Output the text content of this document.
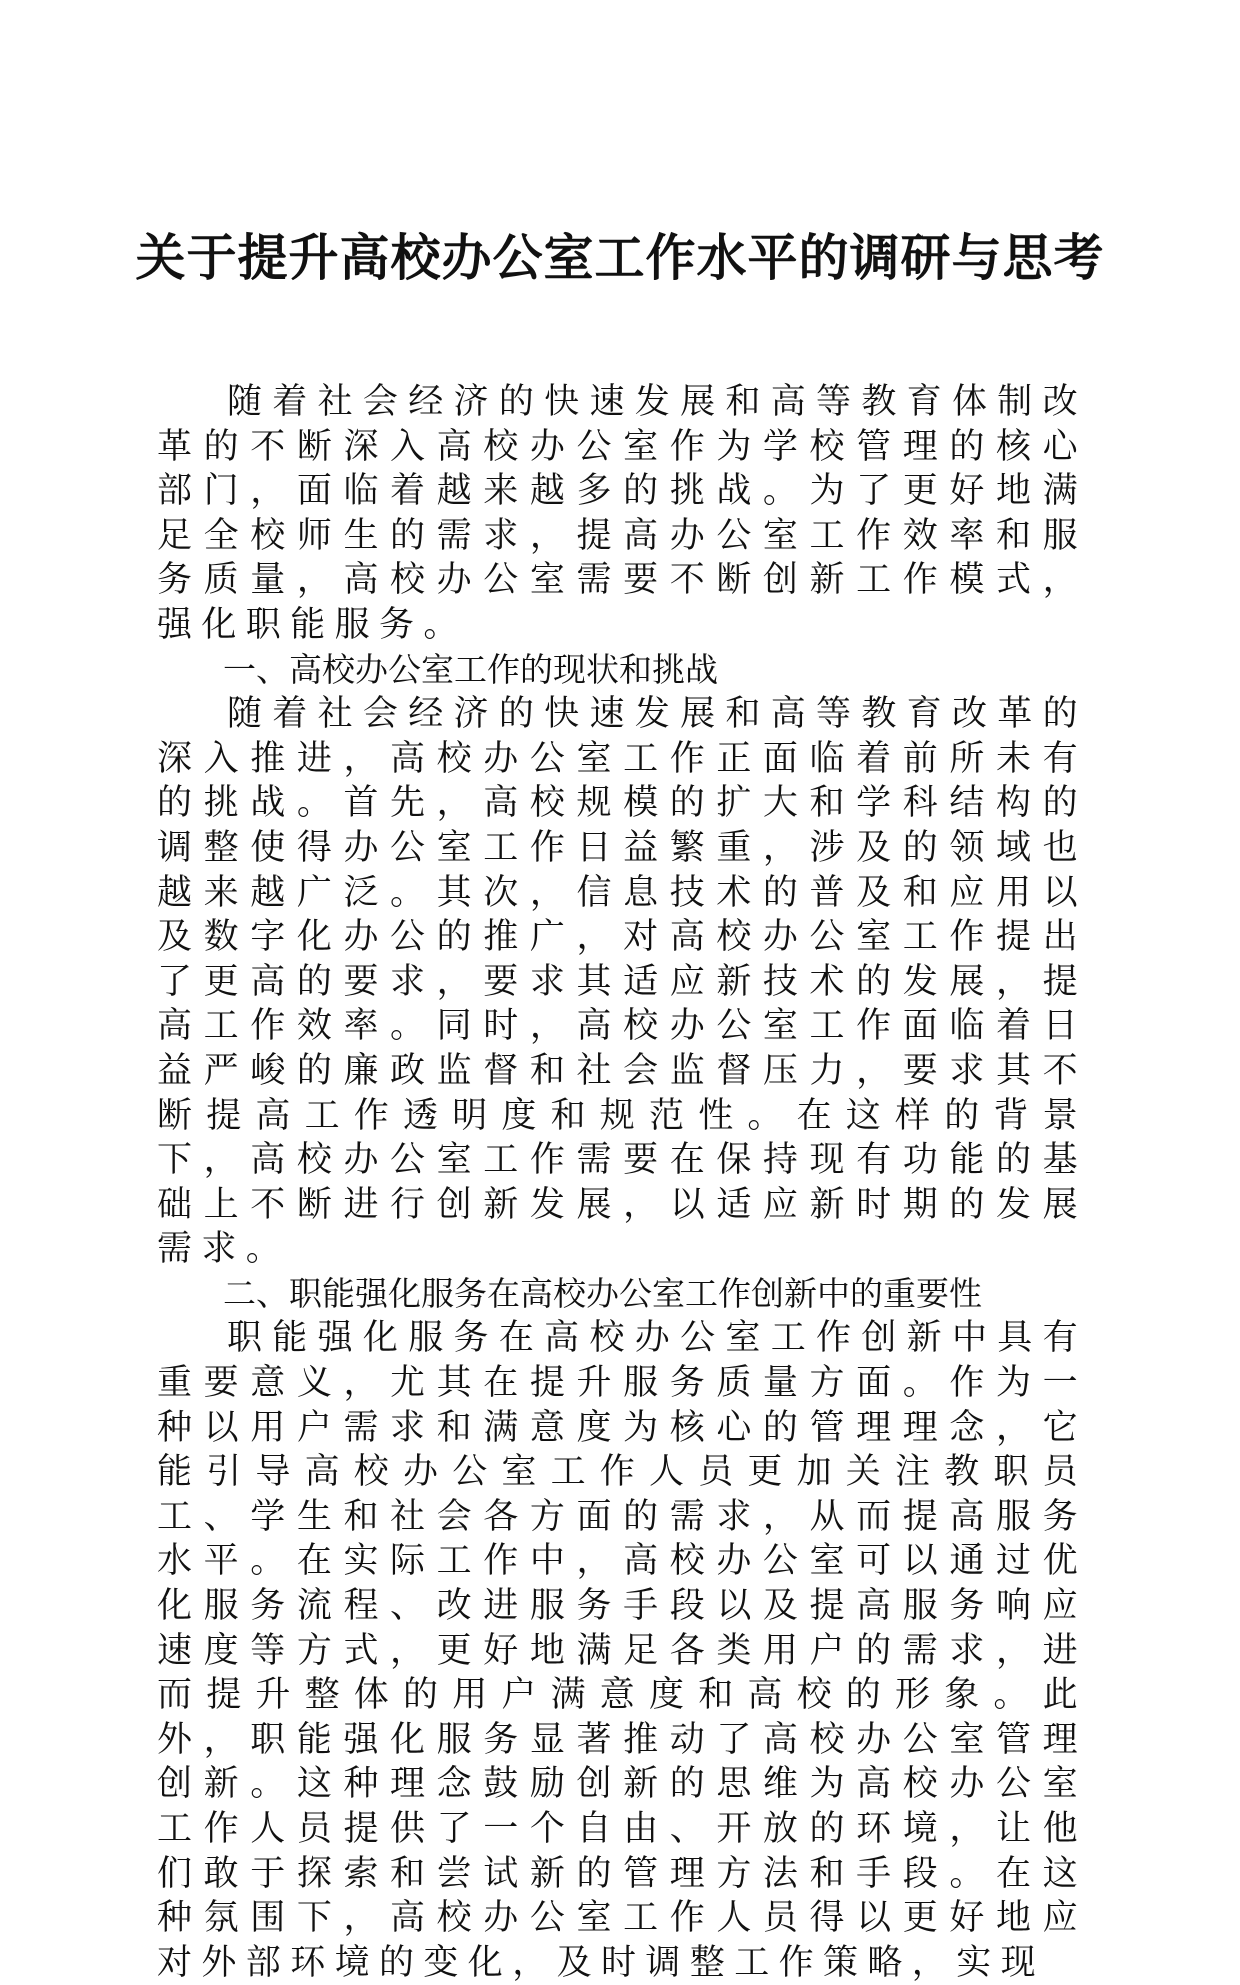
关于提升高校办公室工作水平的调研与思考

随着社会经济的快速发展和高等教育体制改革的不断深入高校办公室作为学校管理的核心部门，面临着越来越多的挑战。为了更好地满足全校师生的需求，提高办公室工作效率和服务质量，高校办公室需要不断创新工作模式，强化职能服务。

一、高校办公室工作的现状和挑战

随着社会经济的快速发展和高等教育改革的深入推进，高校办公室工作正面临着前所未有的挑战。首先，高校规模的扩大和学科结构的调整使得办公室工作日益繁重，涉及的领域也越来越广泛。其次，信息技术的普及和应用以及数字化办公的推广，对高校办公室工作提出了更高的要求，要求其适应新技术的发展，提高工作效率。同时，高校办公室工作面临着日益严峻的廉政监督和社会监督压力，要求其不断提高工作透明度和规范性。在这样的背景下，高校办公室工作需要在保持现有功能的基础上不断进行创新发展，以适应新时期的发展需求。

二、职能强化服务在高校办公室工作创新中的重要性

职能强化服务在高校办公室工作创新中具有重要意义，尤其在提升服务质量方面。作为一种以用户需求和满意度为核心的管理理念，它能引导高校办公室工作人员更加关注教职员工、学生和社会各方面的需求，从而提高服务水平。在实际工作中，高校办公室可以通过优化服务流程、改进服务手段以及提高服务响应速度等方式，更好地满足各类用户的需求，进而提升整体的用户满意度和高校的形象。此外，职能强化服务显著推动了高校办公室管理创新。这种理念鼓励创新的思维为高校办公室工作人员提供了一个自由、开放的环境，让他们敢于探索和尝试新的管理方法和手段。在这种氛围下，高校办公室工作人员得以更好地应对外部环境的变化，及时调整工作策略，实现
